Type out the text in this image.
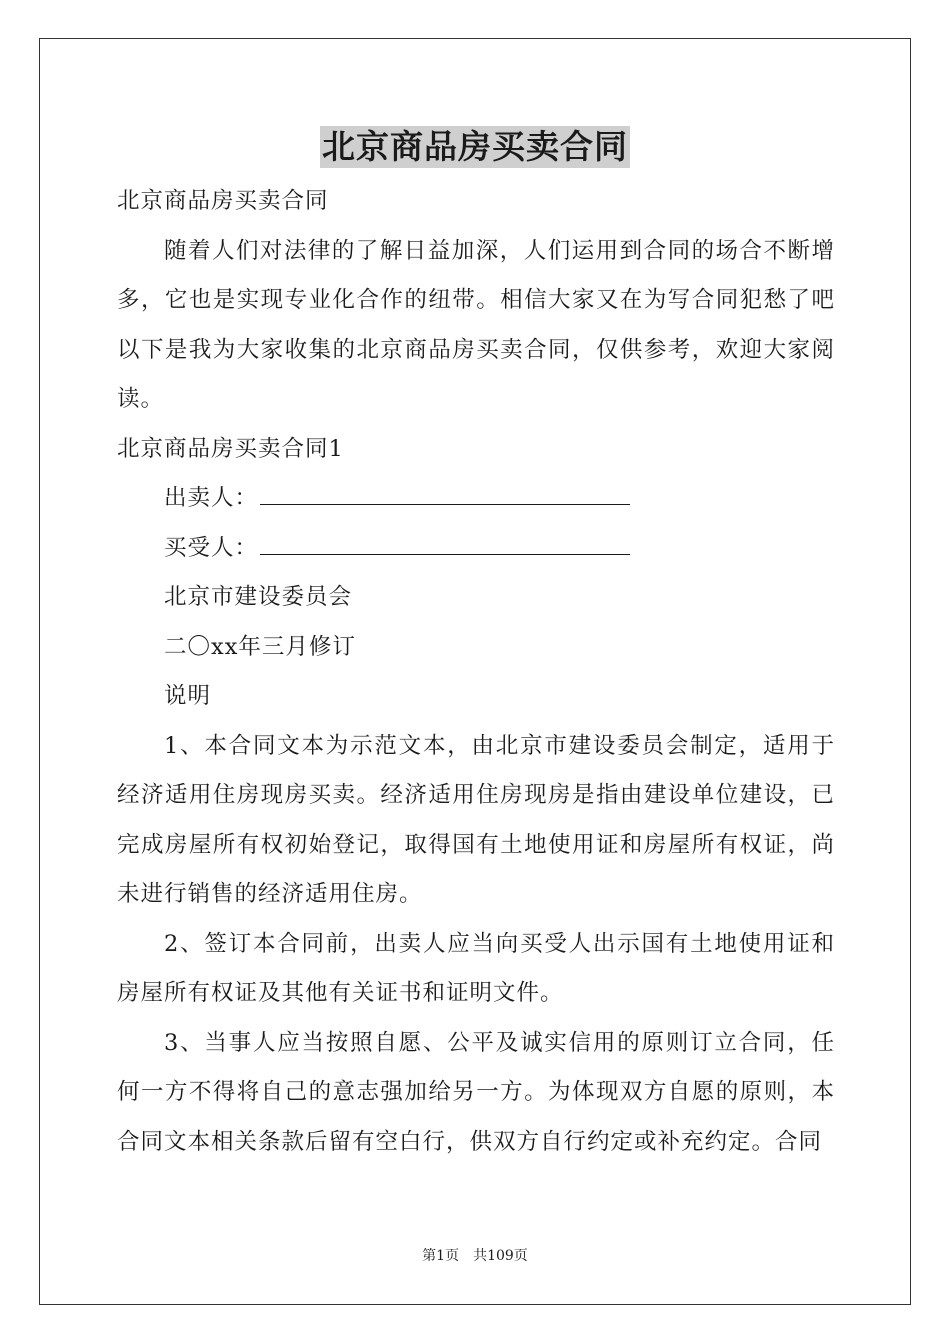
北京商品房买卖合同

北京商品房买卖合同

随着人们对法律的了解日益加深，人们运用到合同的场合不断增多，它也是实现专业化合作的纽带。相信大家又在为写合同犯愁了吧以下是我为大家收集的北京商品房买卖合同，仅供参考，欢迎大家阅读。

北京商品房买卖合同1

出卖人：

买受人：

北京市建设委员会

二〇xx年三月修订

说明

1、本合同文本为示范文本，由北京市建设委员会制定，适用于经济适用住房现房买卖。经济适用住房现房是指由建设单位建设，已完成房屋所有权初始登记，取得国有土地使用证和房屋所有权证，尚未进行销售的经济适用住房。

2、签订本合同前，出卖人应当向买受人出示国有土地使用证和房屋所有权证及其他有关证书和证明文件。

3、当事人应当按照自愿、公平及诚实信用的原则订立合同，任何一方不得将自己的意志强加给另一方。为体现双方自愿的原则，本合同文本相关条款后留有空白行，供双方自行约定或补充约定。合同

第1页　共109页
